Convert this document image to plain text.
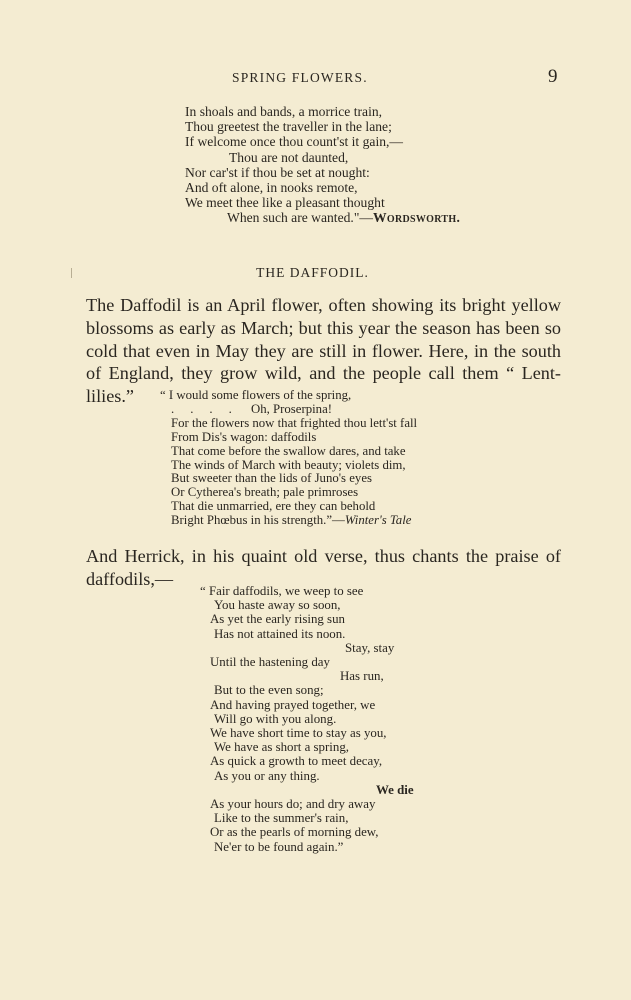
SPRING FLOWERS.	9
In shoals and bands, a morrice train,
Thou greetest the traveller in the lane;
If welcome once thou count'st it gain,—
Thou are not daunted,
Nor car'st if thou be set at nought:
And oft alone, in nooks remote,
We meet thee like a pleasant thought
When such are wanted."—Wordsworth.
THE DAFFODIL.
The Daffodil is an April flower, often showing its bright yellow blossoms as early as March; but this year the season has been so cold that even in May they are still in flower. Here, in the south of England, they grow wild, and the people call them “ Lent-lilies.”	“ I would some flowers of the spring,
.     .     .     .      Oh, Proserpina!
For the flowers now that frighted thou lett'st fall
From Dis's wagon: daffodils
That come before the swallow dares, and take
The winds of March with beauty; violets dim,
But sweeter than the lids of Juno's eyes
Or Cytherea's breath; pale primroses
That die unmarried, ere they can behold
Bright Phœbus in his strength.”—Winter's Tale
And Herrick, in his quaint old verse, thus chants the praise of daffodils,—
“ Fair daffodils, we weep to see
You haste away so soon,
As yet the early rising sun
Has not attained its noon.
Stay, stay
Until the hastening day
Has run,
But to the even song;
And having prayed together, we
Will go with you along.
We have short time to stay as you,
We have as short a spring,
As quick a growth to meet decay,
As you or any thing.
We die
As your hours do; and dry away
Like to the summer's rain,
Or as the pearls of morning dew,
Ne'er to be found again.”
